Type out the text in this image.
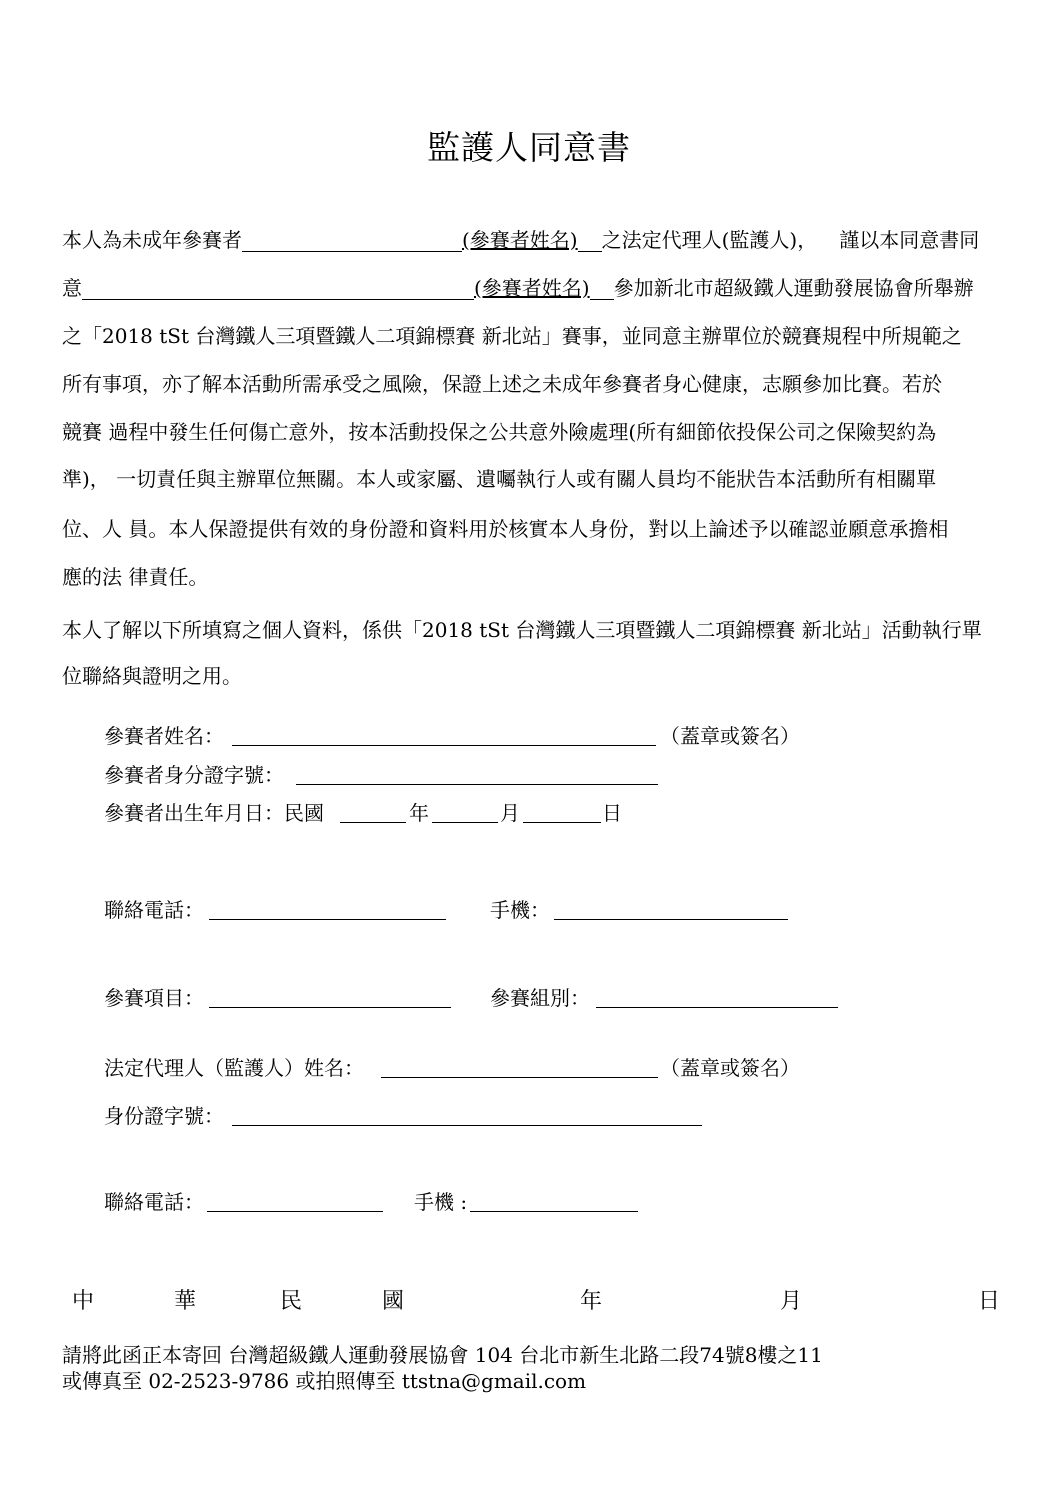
監護人同意書
本人為未成年參賽者	(參賽者姓名) 之法定代理人(監護人)， 謹以本同意書同
意	(參賽者姓名) 參加新北市超級鐵人運動發展協會所舉辦
之「2018 tSt 台灣鐵人三項暨鐵人二項錦標賽 新北站」賽事，並同意主辦單位於競賽規程中所規範之
所有事項，亦了解本活動所需承受之風險，保證上述之未成年參賽者身心健康，志願參加比賽。若於
競賽 過程中發生任何傷亡意外，按本活動投保之公共意外險處理(所有細節依投保公司之保險契約為
準)， 一切責任與主辦單位無關。本人或家屬、遺囑執行人或有關人員均不能狀告本活動所有相關單
位、人 員。本人保證提供有效的身份證和資料用於核實本人身份，對以上論述予以確認並願意承擔相
應的法 律責任。
本人了解以下所填寫之個人資料，係供「2018 tSt 台灣鐵人三項暨鐵人二項錦標賽 新北站」活動執行單
位聯絡與證明之用。
參賽者姓名：	（蓋章或簽名）
參賽者身分證字號：
參賽者出生年月日：民國	年	月	日
聯絡電話：	手機：
參賽項目：	參賽組別：
法定代理人（監護人）姓名：	（蓋章或簽名）
身份證字號：
聯絡電話：	手機 :
中	華	民	國	年	月	日
請將此函正本寄回 台灣超級鐵人運動發展協會 104 台北市新生北路二段74號8樓之11
或傳真至 02-2523-9786 或拍照傳至 ttstna@gmail.com
